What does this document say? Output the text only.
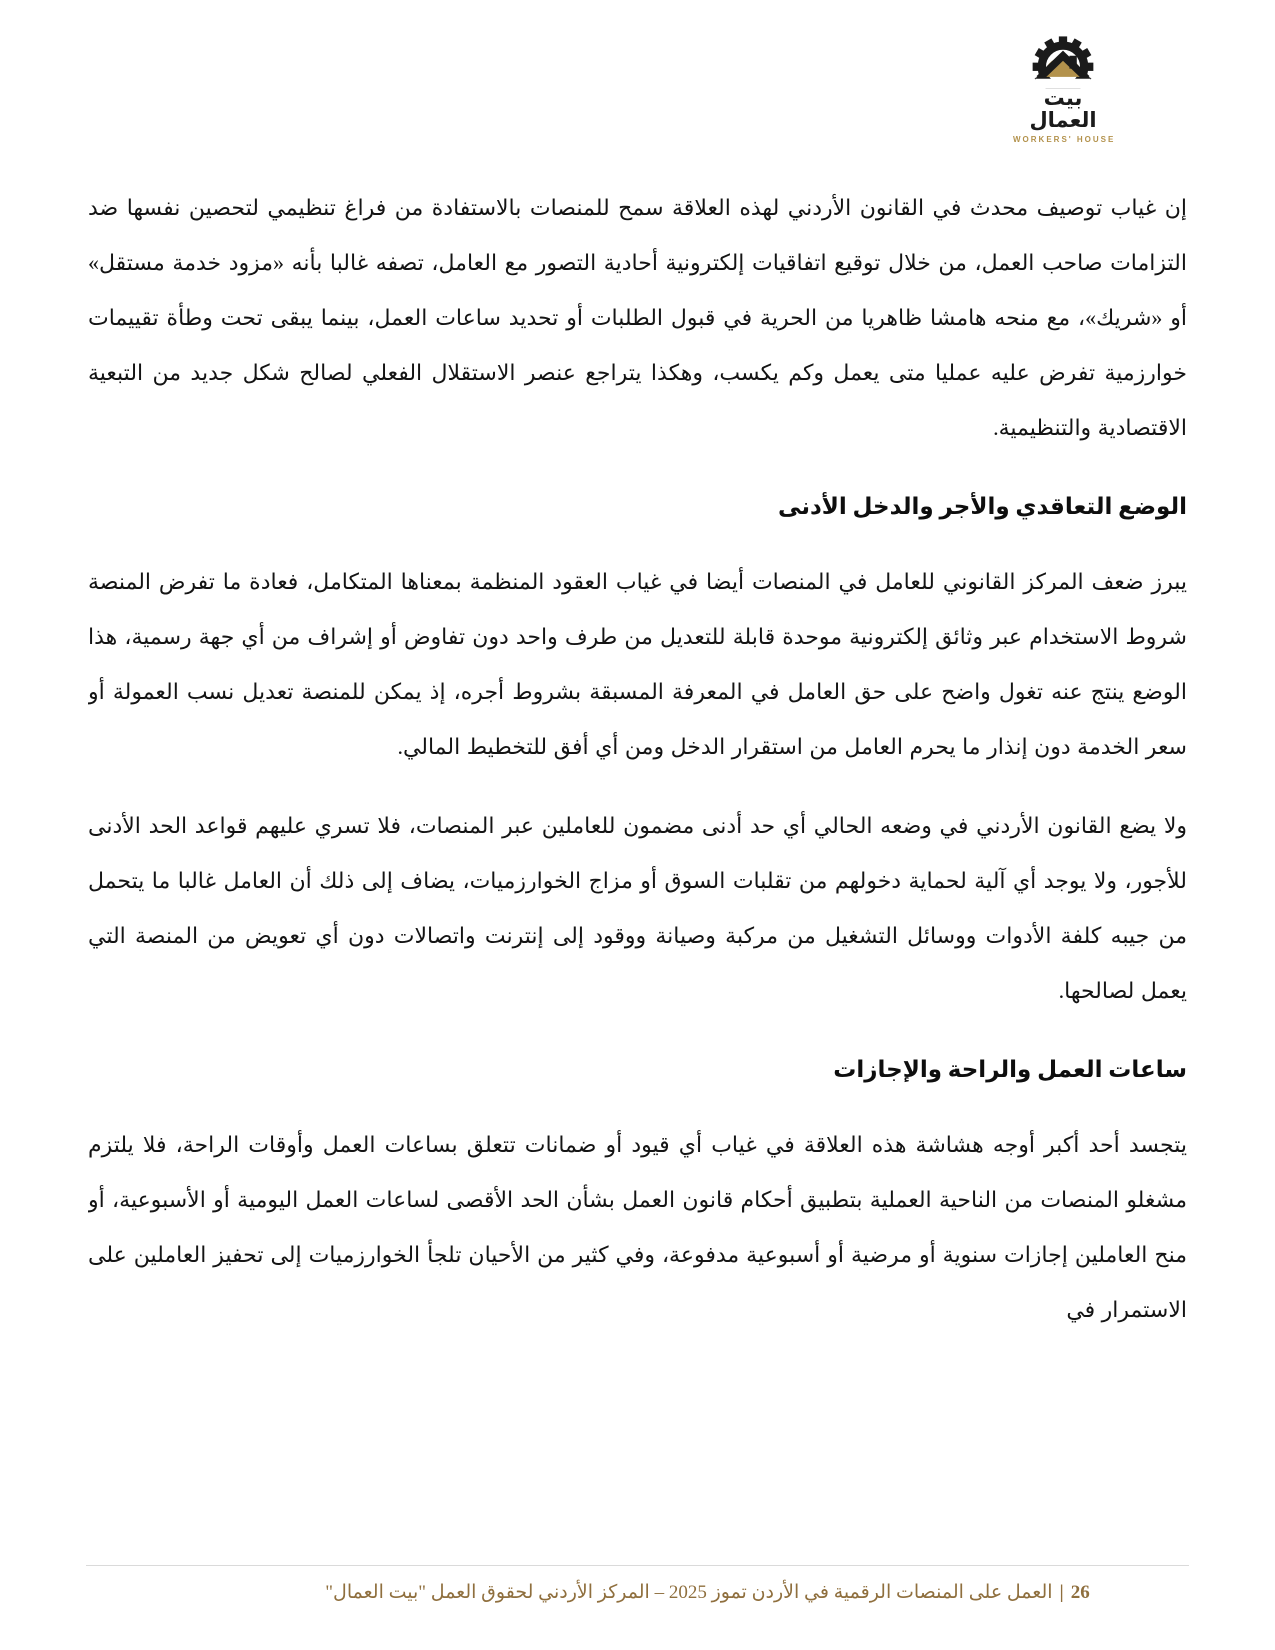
بيت
العمال
WORKERS' HOUSE

إن غياب توصيف محدث في القانون الأردني لهذه العلاقة سمح للمنصات بالاستفادة من فراغ تنظيمي لتحصين نفسها ضد التزامات صاحب العمل، من خلال توقيع اتفاقيات إلكترونية أحادية التصور مع العامل، تصفه غالبا بأنه «مزود خدمة مستقل» أو «شريك»، مع منحه هامشا ظاهريا من الحرية في قبول الطلبات أو تحديد ساعات العمل، بينما يبقى تحت وطأة تقييمات خوارزمية تفرض عليه عمليا متى يعمل وكم يكسب، وهكذا يتراجع عنصر الاستقلال الفعلي لصالح شكل جديد من التبعية الاقتصادية والتنظيمية.

الوضع التعاقدي والأجر والدخل الأدنى

يبرز ضعف المركز القانوني للعامل في المنصات أيضا في غياب العقود المنظمة بمعناها المتكامل، فعادة ما تفرض المنصة شروط الاستخدام عبر وثائق إلكترونية موحدة قابلة للتعديل من طرف واحد دون تفاوض أو إشراف من أي جهة رسمية، هذا الوضع ينتج عنه تغول واضح على حق العامل في المعرفة المسبقة بشروط أجره، إذ يمكن للمنصة تعديل نسب العمولة أو سعر الخدمة دون إنذار ما يحرم العامل من استقرار الدخل ومن أي أفق للتخطيط المالي.

ولا يضع القانون الأردني في وضعه الحالي أي حد أدنى مضمون للعاملين عبر المنصات، فلا تسري عليهم قواعد الحد الأدنى للأجور، ولا يوجد أي آلية لحماية دخولهم من تقلبات السوق أو مزاج الخوارزميات، يضاف إلى ذلك أن العامل غالبا ما يتحمل من جيبه كلفة الأدوات ووسائل التشغيل من مركبة وصيانة ووقود إلى إنترنت واتصالات دون أي تعويض من المنصة التي يعمل لصالحها.

ساعات العمل والراحة والإجازات

يتجسد أحد أكبر أوجه هشاشة هذه العلاقة في غياب أي قيود أو ضمانات تتعلق بساعات العمل وأوقات الراحة، فلا يلتزم مشغلو المنصات من الناحية العملية بتطبيق أحكام قانون العمل بشأن الحد الأقصى لساعات العمل اليومية أو الأسبوعية، أو منح العاملين إجازات سنوية أو مرضية أو أسبوعية مدفوعة، وفي كثير من الأحيان تلجأ الخوارزميات إلى تحفيز العاملين على الاستمرار في

26|العمل على المنصات الرقمية في الأردن تموز 2025 – المركز الأردني لحقوق العمل "بيت العمال"
